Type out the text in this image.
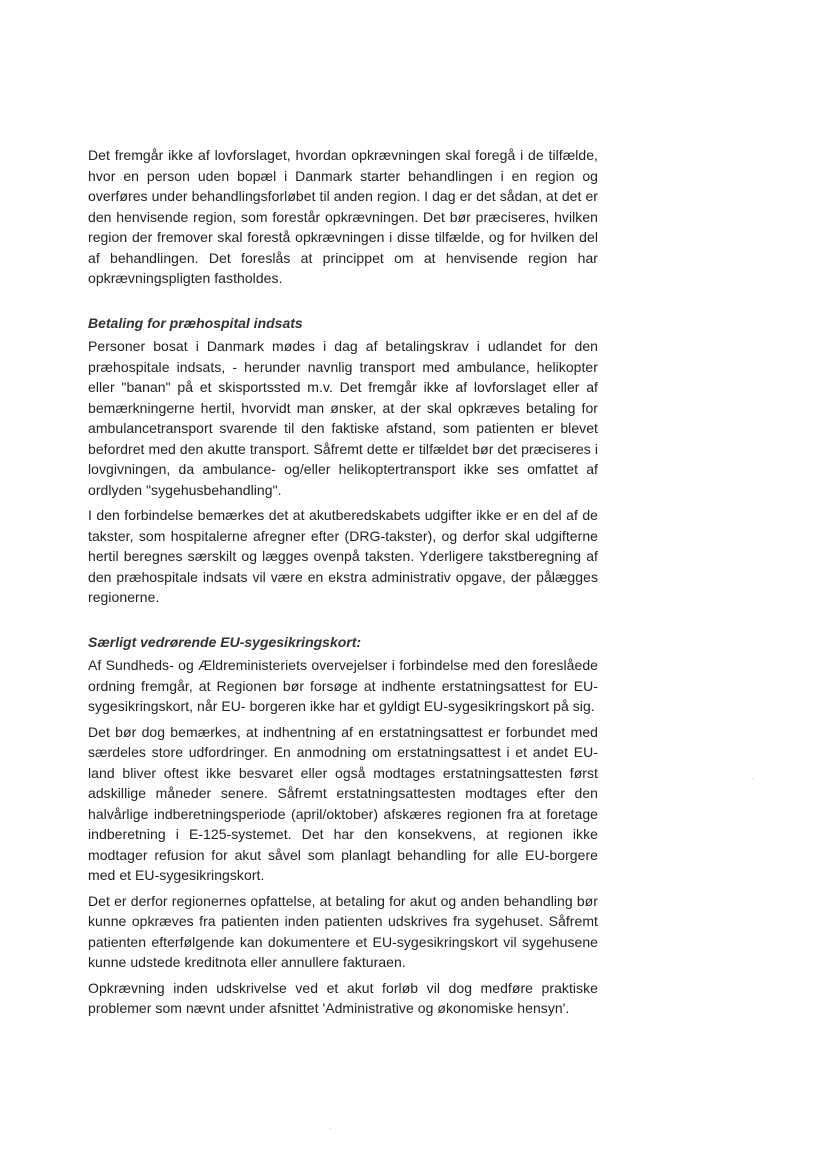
Det fremgår ikke af lovforslaget, hvordan opkrævningen skal foregå i de tilfælde, hvor en person uden bopæl i Danmark starter behandlingen i en region og overføres under behandlingsforløbet til anden region. I dag er det sådan, at det er den henvisende region, som forestår opkrævningen. Det bør præciseres, hvilken region der fremover skal forestå opkrævningen i disse tilfælde, og for hvilken del af behandlingen. Det foreslås at princippet om at henvisende region har opkrævningspligten fastholdes.

Betaling for præhospital indsats

Personer bosat i Danmark mødes i dag af betalingskrav i udlandet for den præhospitale indsats, - herunder navnlig transport med ambulance, helikopter eller "banan" på et skisportssted m.v. Det fremgår ikke af lovforslaget eller af bemærkningerne hertil, hvorvidt man ønsker, at der skal opkræves betaling for ambulancetransport svarende til den faktiske afstand, som patienten er blevet befordret med den akutte transport. Såfremt dette er tilfældet bør det præciseres i lovgivningen, da ambulance- og/eller helikoptertransport ikke ses omfattet af ordlyden "sygehusbehandling".

I den forbindelse bemærkes det at akutberedskabets udgifter ikke er en del af de takster, som hospitalerne afregner efter (DRG-takster), og derfor skal udgifterne hertil beregnes særskilt og lægges ovenpå taksten. Yderligere takstberegning af den præhospitale indsats vil være en ekstra administrativ opgave, der pålægges regionerne.

Særligt vedrørende EU-sygesikringskort:

Af Sundheds- og Ældreministeriets overvejelser i forbindelse med den foreslåede ordning fremgår, at Regionen bør forsøge at indhente erstatningsattest for EU-sygesikringskort, når EU- borgeren ikke har et gyldigt EU-sygesikringskort på sig.

Det bør dog bemærkes, at indhentning af en erstatningsattest er forbundet med særdeles store udfordringer. En anmodning om erstatningsattest i et andet EU-land bliver oftest ikke besvaret eller også modtages erstatningsattesten først adskillige måneder senere. Såfremt erstatningsattesten modtages efter den halvårlige indberetningsperiode (april/oktober) afskæres regionen fra at foretage indberetning i E-125-systemet. Det har den konsekvens, at regionen ikke modtager refusion for akut såvel som planlagt behandling for alle EU-borgere med et EU-sygesikringskort.

Det er derfor regionernes opfattelse, at betaling for akut og anden behandling bør kunne opkræves fra patienten inden patienten udskrives fra sygehuset. Såfremt patienten efterfølgende kan dokumentere et EU-sygesikringskort vil sygehusene kunne udstede kreditnota eller annullere fakturaen.

Opkrævning inden udskrivelse ved et akut forløb vil dog medføre praktiske problemer som nævnt under afsnittet 'Administrative og økonomiske hensyn'.
